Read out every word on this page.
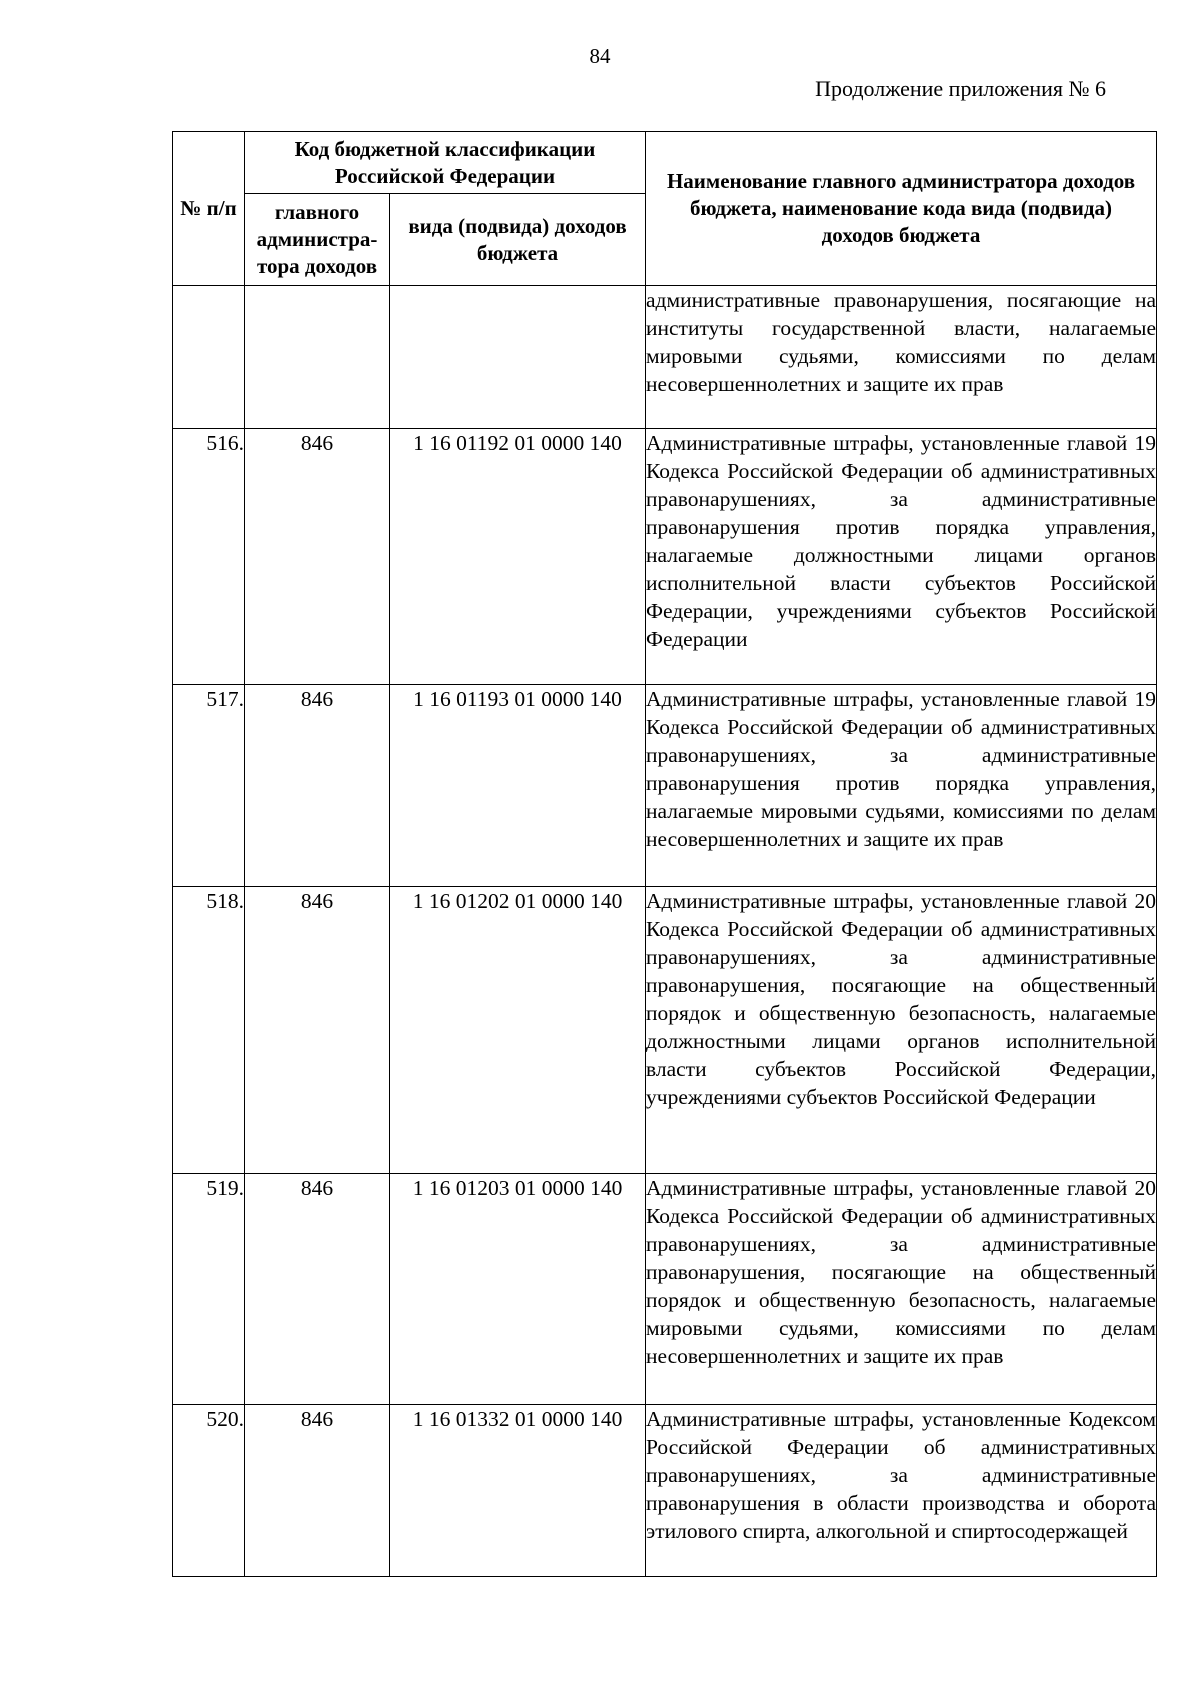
84
Продолжение приложения № 6
№ п/п	Код бюджетной классификации Российской Федерации		Наименование главного администратора доходов бюджета, наименование кода вида (подвида) доходов бюджета
	главного администра-тора доходов	вида (подвида) доходов бюджета	
			административные правонарушения, посягающие на институты государственной власти, налагаемые мировыми судьями, комиссиями по делам несовершеннолетних и защите их прав
516.	846	1 16 01192 01 0000 140	Административные штрафы, установленные главой 19 Кодекса Российской Федерации об административных правонарушениях, за административные правонарушения против порядка управления, налагаемые должностными лицами органов исполнительной власти субъектов Российской Федерации, учреждениями субъектов Российской Федерации
517.	846	1 16 01193 01 0000 140	Административные штрафы, установленные главой 19 Кодекса Российской Федерации об административных правонарушениях, за административные правонарушения против порядка управления, налагаемые мировыми судьями, комиссиями по делам несовершеннолетних и защите их прав
518.	846	1 16 01202 01 0000 140	Административные штрафы, установленные главой 20 Кодекса Российской Федерации об административных правонарушениях, за административные правонарушения, посягающие на общественный порядок и общественную безопасность, налагаемые должностными лицами органов исполнительной власти субъектов Российской Федерации, учреждениями субъектов Российской Федерации
519.	846	1 16 01203 01 0000 140	Административные штрафы, установленные главой 20 Кодекса Российской Федерации об административных правонарушениях, за административные правонарушения, посягающие на общественный порядок и общественную безопасность, налагаемые мировыми судьями, комиссиями по делам несовершеннолетних и защите их прав
520.	846	1 16 01332 01 0000 140	Административные штрафы, установленные Кодексом Российской Федерации об административных правонарушениях, за административные правонарушения в области производства и оборота этилового спирта, алкогольной и спиртосодержащей
